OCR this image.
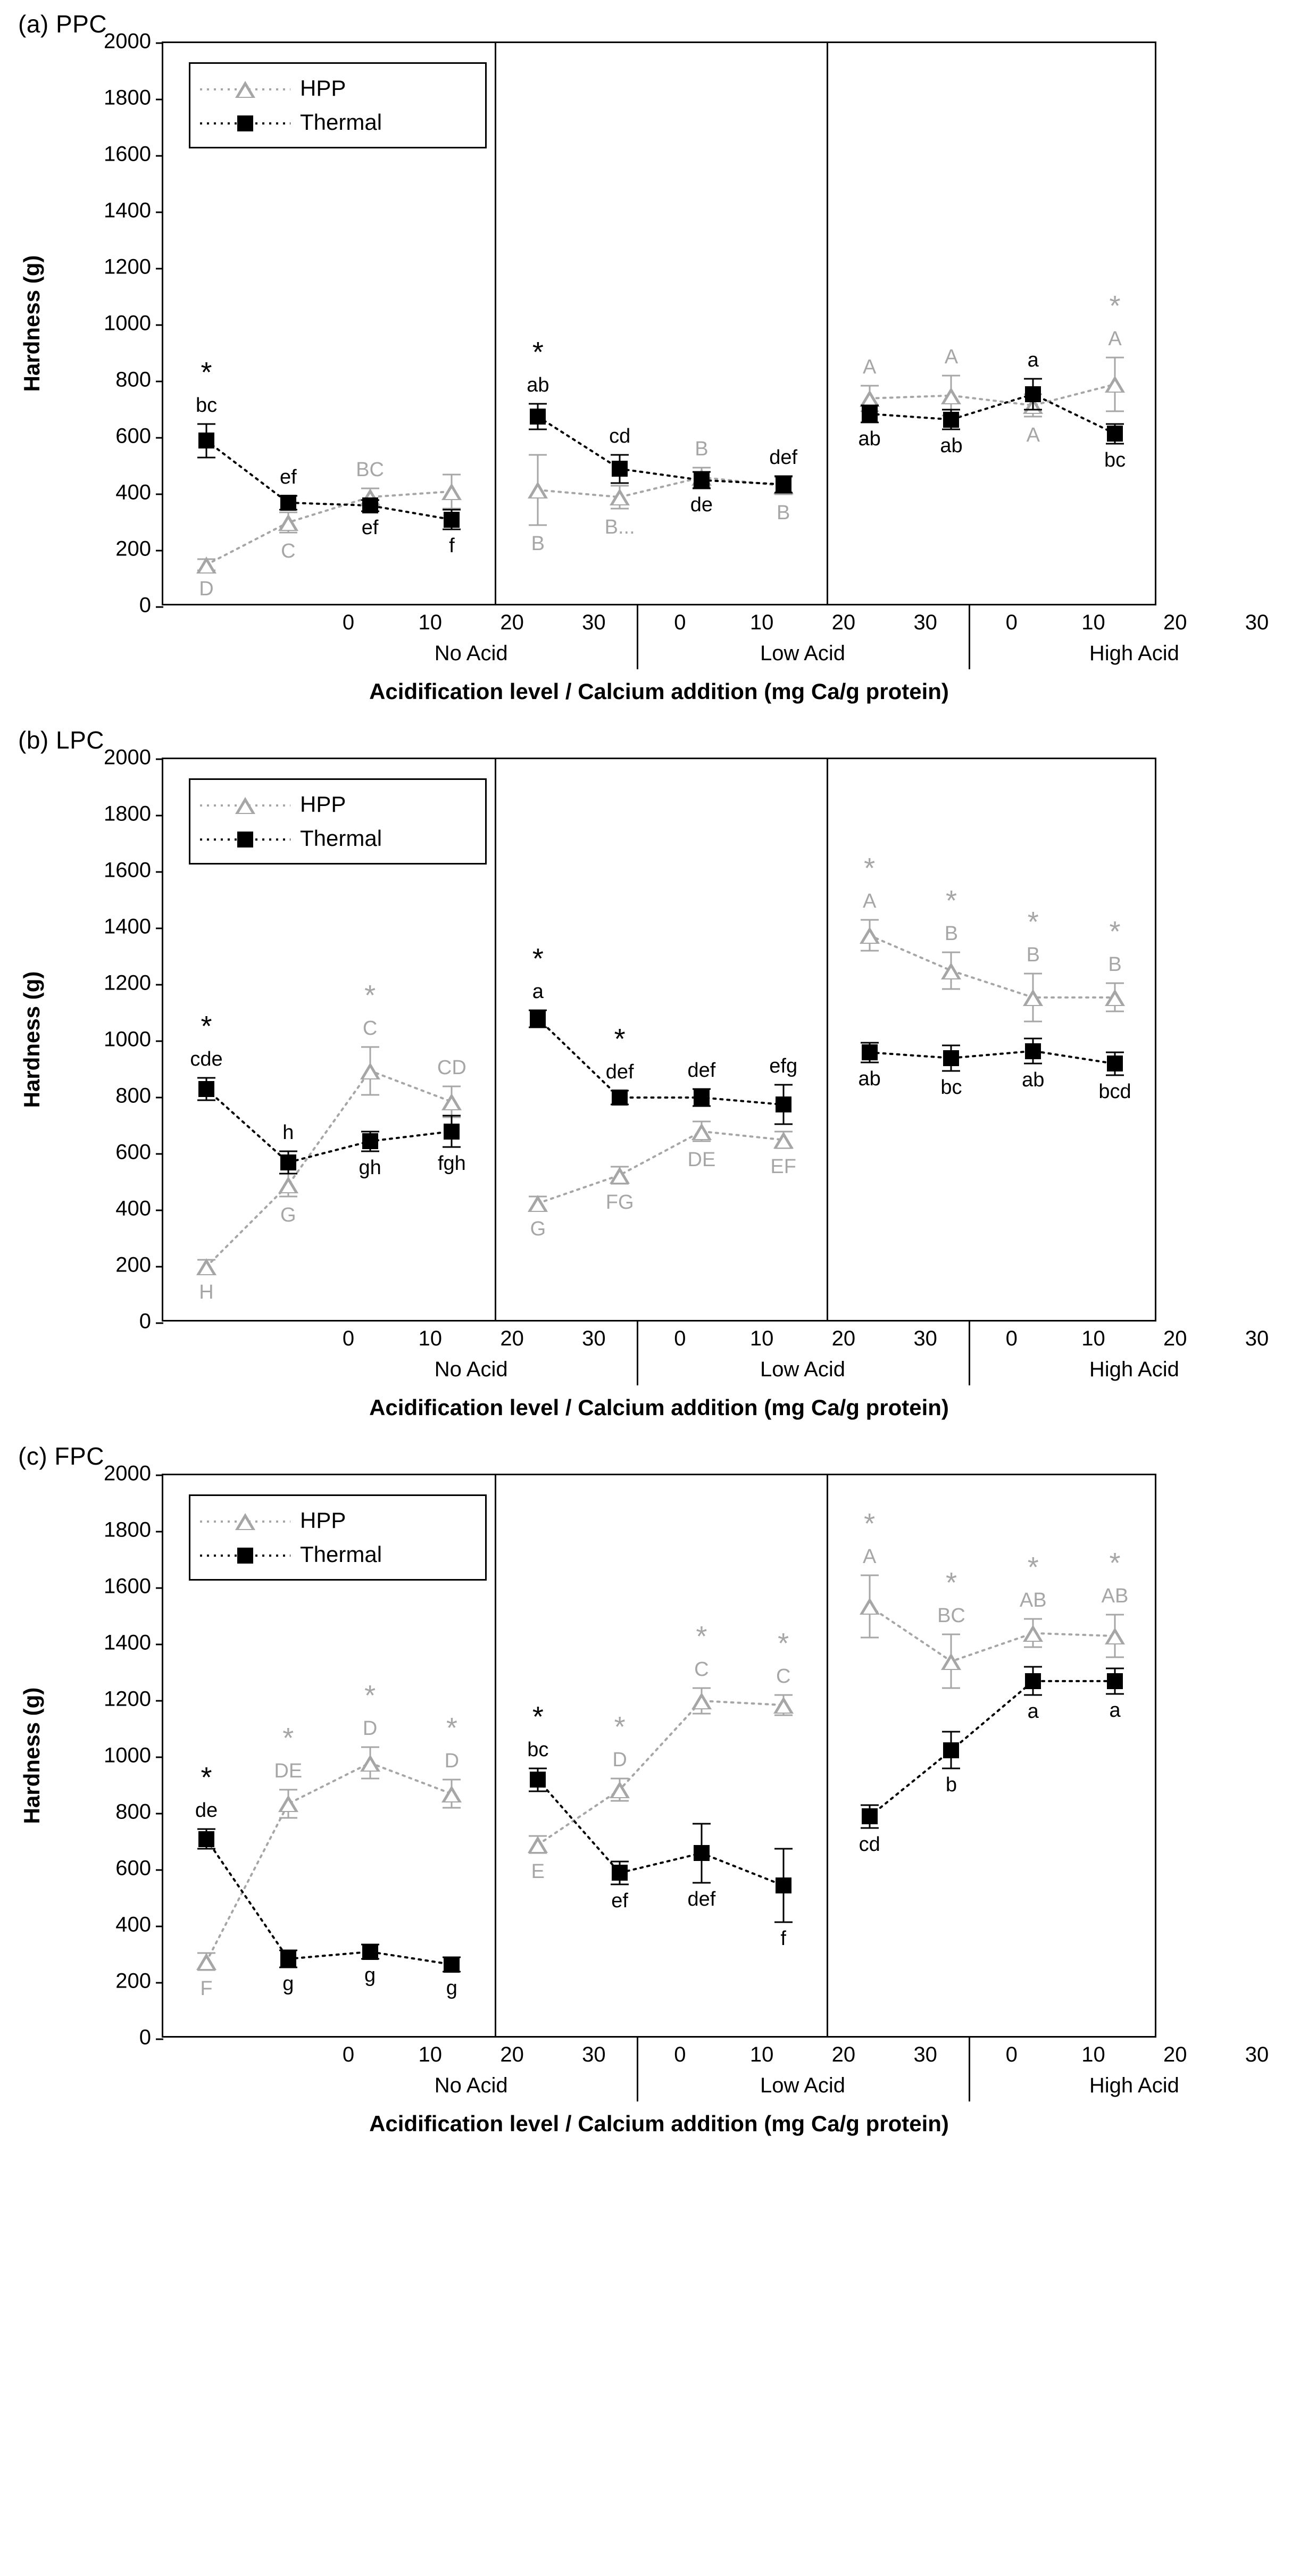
(a) PPC
Hardness (g)
0
200
400
600
800
1000
1200
1400
1600
1800
2000
bc
D
*
ef
C
ef
BC
f
ab
B
*
cd
B...
de
B	def
B
ab
A
ab
A	a
A
bc
A
*
HPP
Thermal
0	10	20	30	0	10	20	30	0	10	20	30
No Acid	Low Acid	High Acid
Acidification level / Calcium addition (mg Ca/g protein)
(b) LPC
Hardness (g)
0
200
400
600
800
1000
1200
1400
1600
1800
2000
cde
H
*
h
G
gh
C
*
fgh
CD
a
G
*
def
FG
*
def
DE
efg
EF
ab
A
*
bc
B
*
ab
B
*
bcd
B
*
HPP
Thermal
0	10	20	30	0	10	20	30	0	10	20	30
No Acid	Low Acid	High Acid
Acidification level / Calcium addition (mg Ca/g protein)
(c) FPC
Hardness (g)
0
200
400
600
800
1000
1200
1400
1600
1800
2000
de
F
*
g
DE
*
g
D
*
g
D
*
bc
E
*
ef
D
*
def
C
*
f
C
*
cd
A
*
b
BC
*
a
AB
*
a
AB
*
HPP
Thermal
0	10	20	30	0	10	20	30	0	10	20	30
No Acid	Low Acid	High Acid
Acidification level / Calcium addition (mg Ca/g protein)
